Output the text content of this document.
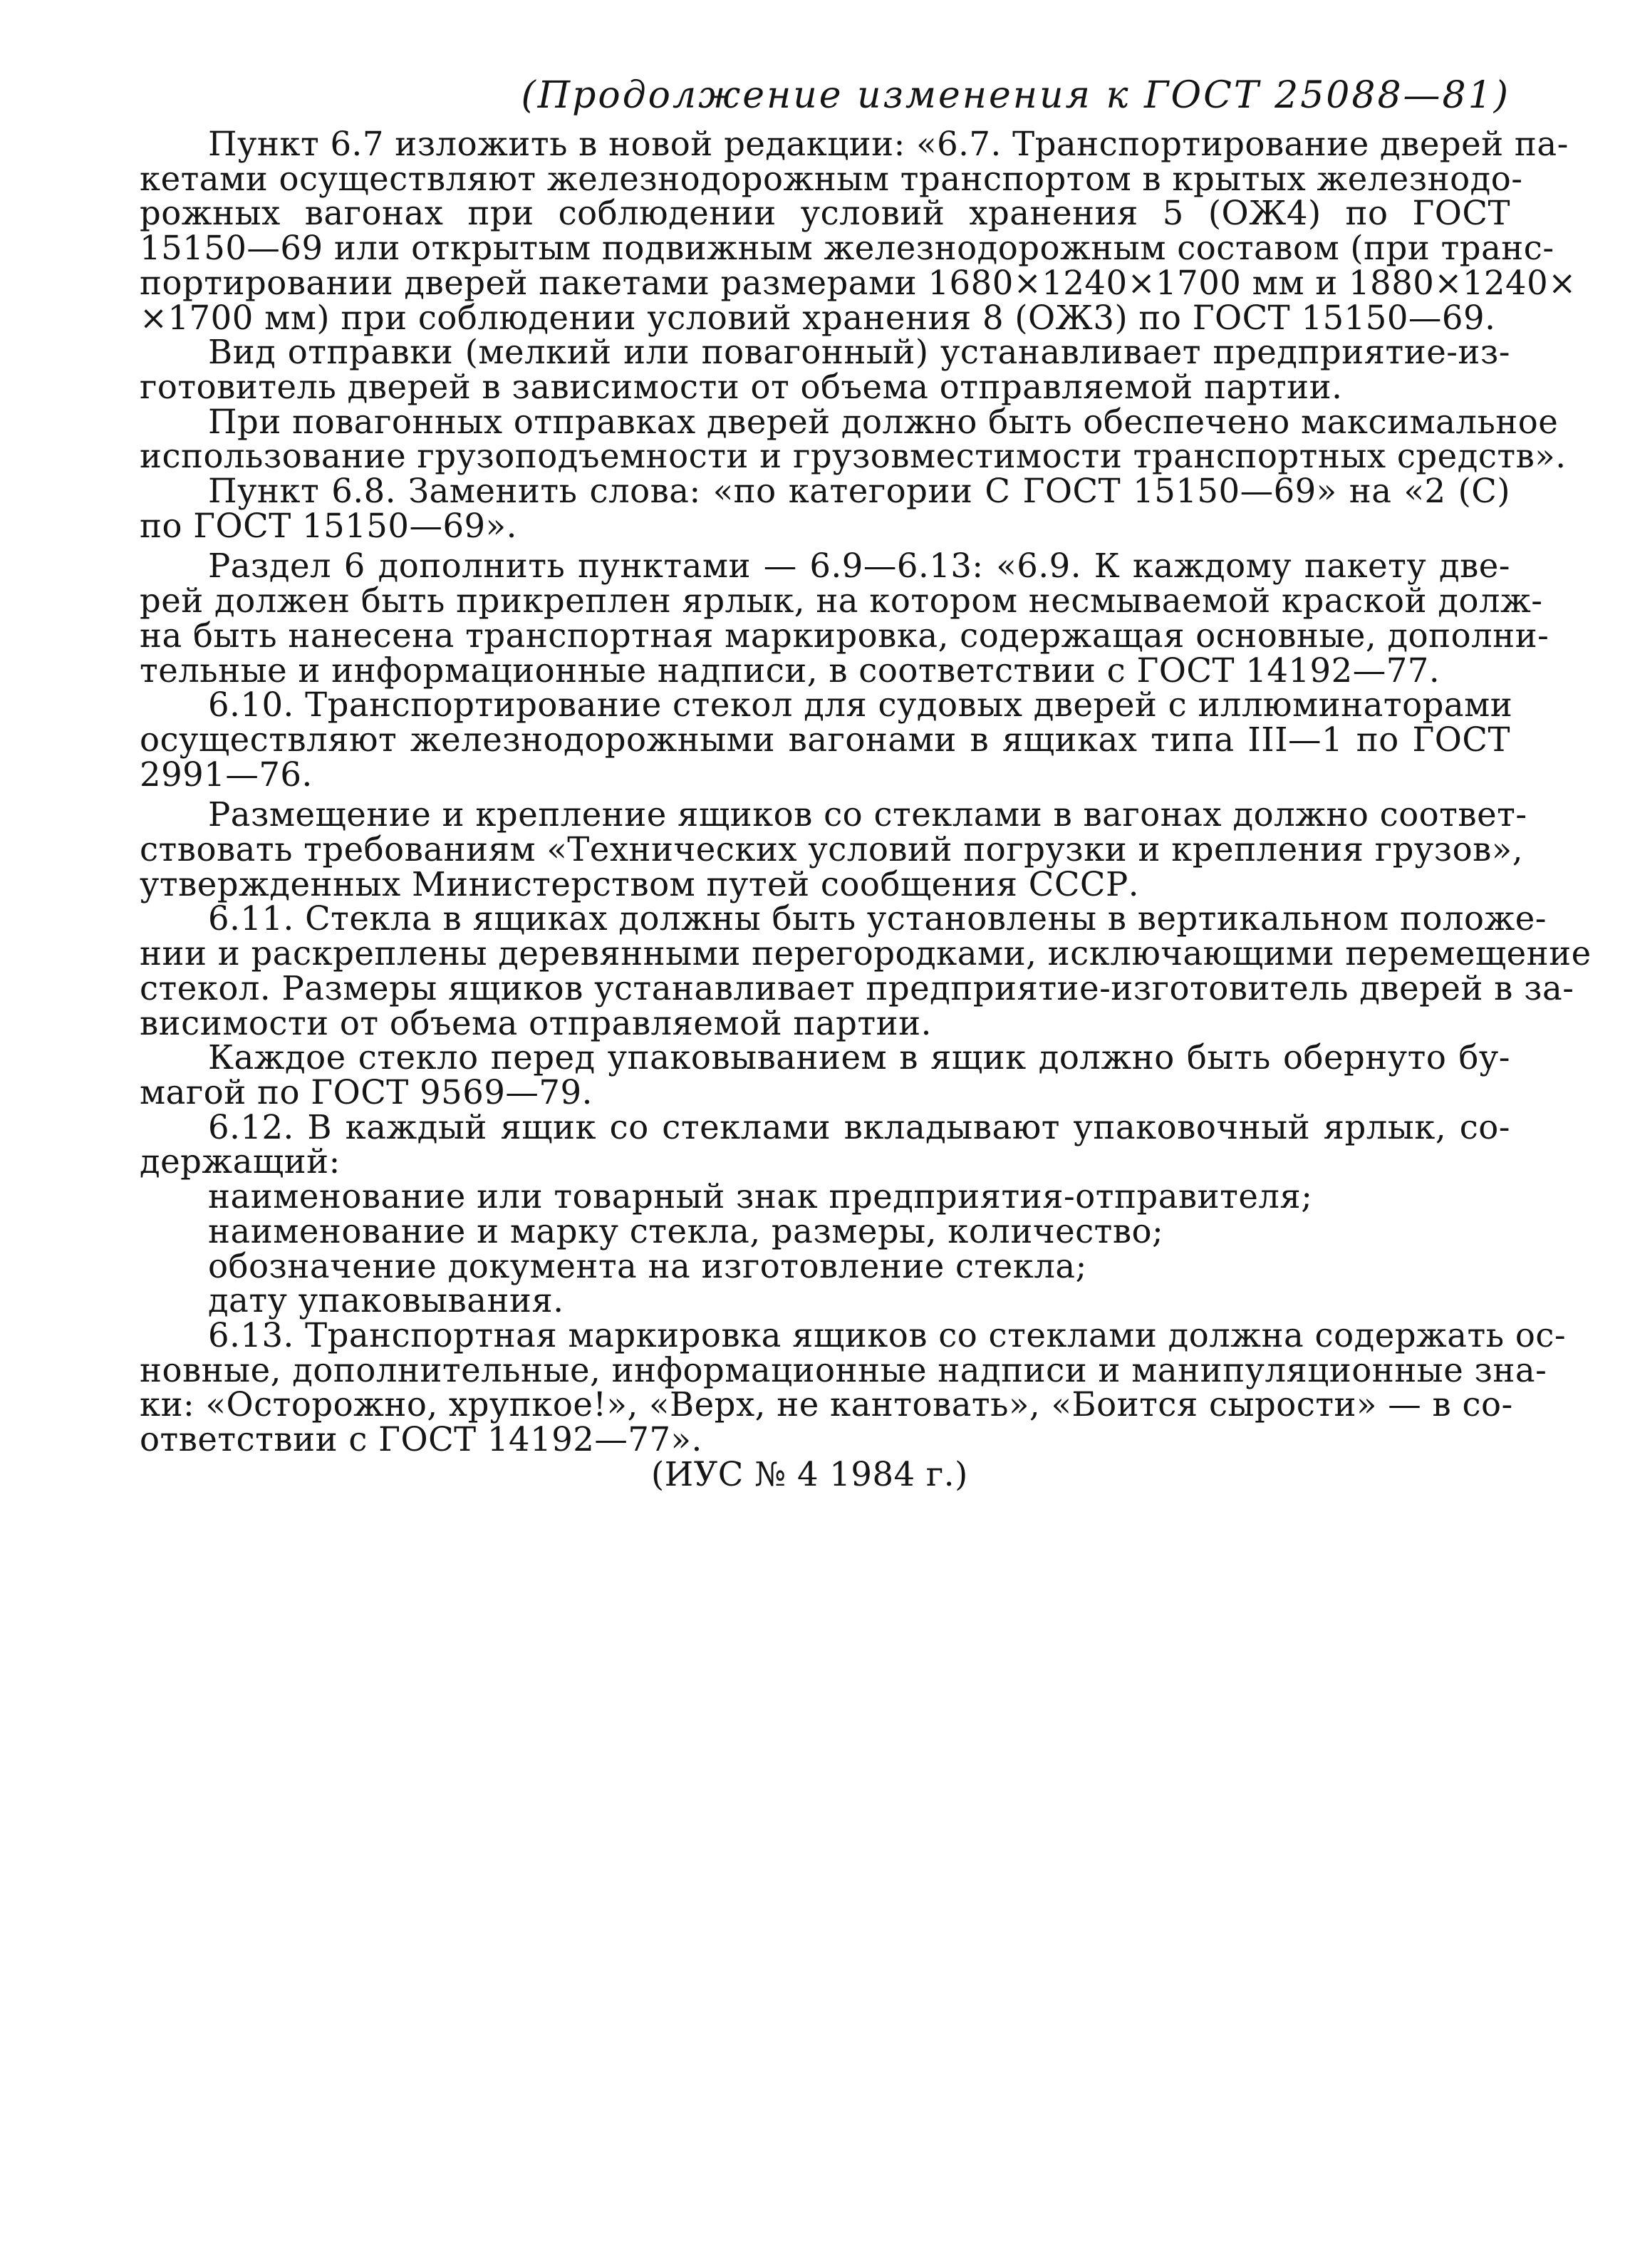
(Продолжение изменения к ГОСТ 25088—81)
Пункт 6.7 изложить в новой редакции: «6.7. Транспортирование дверей па-
кетами осуществляют железнодорожным транспортом в крытых железнодо-
рожных вагонах при соблюдении условий хранения 5 (ОЖ4) по ГОСТ
15150—69 или открытым подвижным железнодорожным составом (при транс-
портировании дверей пакетами размерами 1680×1240×1700 мм и 1880×1240×
×1700 мм) при соблюдении условий хранения 8 (ОЖ3) по ГОСТ 15150—69.
Вид отправки (мелкий или повагонный) устанавливает предприятие-из-
готовитель дверей в зависимости от объема отправляемой партии.
При повагонных отправках дверей должно быть обеспечено максимальное
использование грузоподъемности и грузовместимости транспортных средств».
Пункт 6.8. Заменить слова: «по категории С ГОСТ 15150—69» на «2 (С)
по ГОСТ 15150—69».
Раздел 6 дополнить пунктами — 6.9—6.13: «6.9. К каждому пакету две-
рей должен быть прикреплен ярлык, на котором несмываемой краской долж-
на быть нанесена транспортная маркировка, содержащая основные, дополни-
тельные и информационные надписи, в соответствии с ГОСТ 14192—77.
6.10. Транспортирование стекол для судовых дверей с иллюминаторами
осуществляют железнодорожными вагонами в ящиках типа III—1 по ГОСТ
2991—76.
Размещение и крепление ящиков со стеклами в вагонах должно соответ-
ствовать требованиям «Технических условий погрузки и крепления грузов»,
утвержденных Министерством путей сообщения СССР.
6.11. Стекла в ящиках должны быть установлены в вертикальном положе-
нии и раскреплены деревянными перегородками, исключающими перемещение
стекол. Размеры ящиков устанавливает предприятие-изготовитель дверей в за-
висимости от объема отправляемой партии.
Каждое стекло перед упаковыванием в ящик должно быть обернуто бу-
магой по ГОСТ 9569—79.
6.12. В каждый ящик со стеклами вкладывают упаковочный ярлык, со-
держащий:
наименование или товарный знак предприятия-отправителя;
наименование и марку стекла, размеры, количество;
обозначение документа на изготовление стекла;
дату упаковывания.
6.13. Транспортная маркировка ящиков со стеклами должна содержать ос-
новные, дополнительные, информационные надписи и манипуляционные зна-
ки: «Осторожно, хрупкое!», «Верх, не кантовать», «Боится сырости» — в со-
ответствии с ГОСТ 14192—77».
(ИУС № 4 1984 г.)
